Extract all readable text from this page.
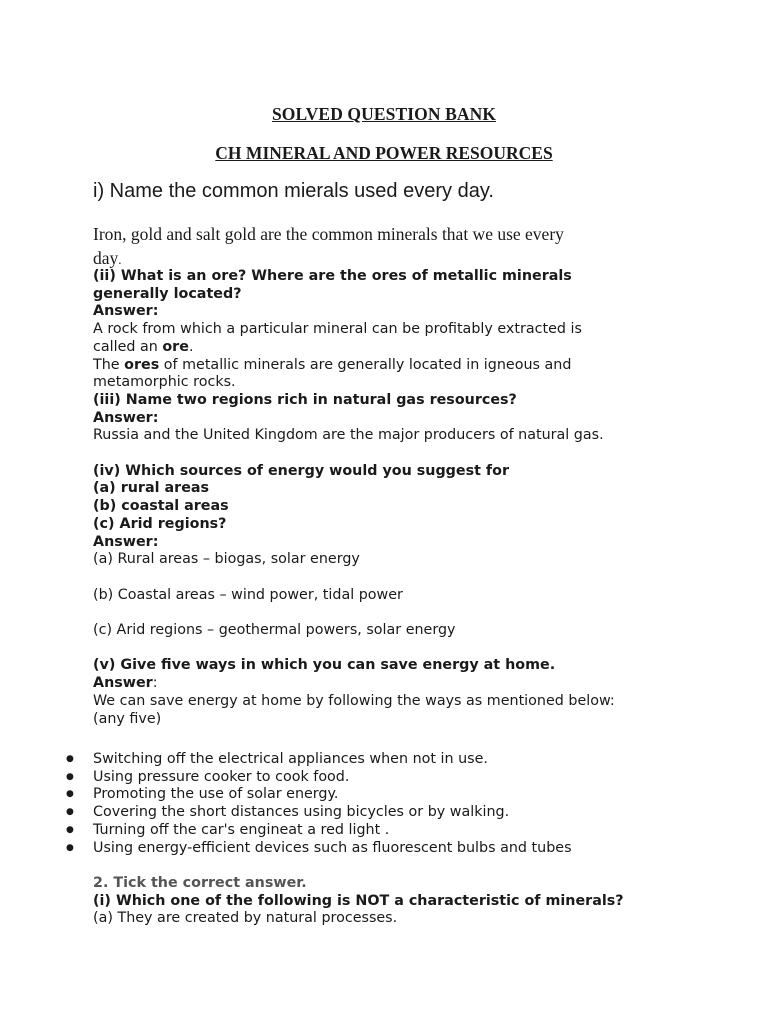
SOLVED QUESTION BANK
CH MINERAL AND POWER RESOURCES
i) Name the common mierals used every day.
Iron, gold and salt gold are the common minerals that we use every
day.

(ii) What is an ore? Where are the ores of metallic minerals

generally located?

Answer:

A rock from which a particular mineral can be profitably extracted is

called an ore.

The ores of metallic minerals are generally located in igneous and

metamorphic rocks.

(iii) Name two regions rich in natural gas resources?

Answer:

Russia and the United Kingdom are the major producers of natural gas.

(iv) Which sources of energy would you suggest for

(a) rural areas

(b) coastal areas

(c) Arid regions?

Answer:

(a) Rural areas – biogas, solar energy

(b) Coastal areas – wind power, tidal power

(c) Arid regions – geothermal powers, solar energy

(v) Give five ways in which you can save energy at home.

Answer:

We can save energy at home by following the ways as mentioned below:

(any five)

● Switching off the electrical appliances when not in use.
● Using pressure cooker to cook food.
● Promoting the use of solar energy.
● Covering the short distances using bicycles or by walking.
● Turning off the car's engineat a red light .
● Using energy-efficient devices such as fluorescent bulbs and tubes

2. Tick the correct answer.

(i) Which one of the following is NOT a characteristic of minerals?

(a) They are created by natural processes.
